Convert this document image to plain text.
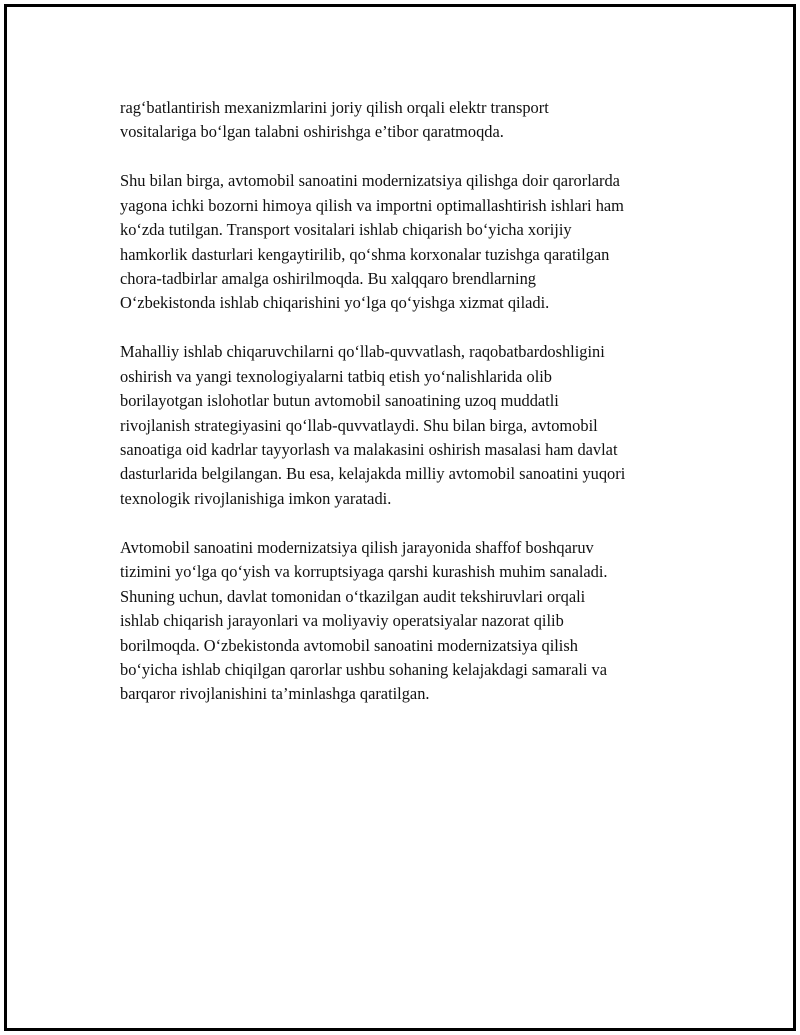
rag‘batlantirish mexanizmlarini joriy qilish orqali elektr transport
vositalariga bo‘lgan talabni oshirishga e’tibor qaratmoqda.

Shu bilan birga, avtomobil sanoatini modernizatsiya qilishga doir qarorlarda
yagona ichki bozorni himoya qilish va importni optimallashtirish ishlari ham
ko‘zda tutilgan. Transport vositalari ishlab chiqarish bo‘yicha xorijiy
hamkorlik dasturlari kengaytirilib, qo‘shma korxonalar tuzishga qaratilgan
chora-tadbirlar amalga oshirilmoqda. Bu xalqqaro brendlarning
O‘zbekistonda ishlab chiqarishini yo‘lga qo‘yishga xizmat qiladi.

Mahalliy ishlab chiqaruvchilarni qo‘llab-quvvatlash, raqobatbardoshligini
oshirish va yangi texnologiyalarni tatbiq etish yo‘nalishlarida olib
borilayotgan islohotlar butun avtomobil sanoatining uzoq muddatli
rivojlanish strategiyasini qo‘llab-quvvatlaydi. Shu bilan birga, avtomobil
sanoatiga oid kadrlar tayyorlash va malakasini oshirish masalasi ham davlat
dasturlarida belgilangan. Bu esa, kelajakda milliy avtomobil sanoatini yuqori
texnologik rivojlanishiga imkon yaratadi.

Avtomobil sanoatini modernizatsiya qilish jarayonida shaffof boshqaruv
tizimini yo‘lga qo‘yish va korruptsiyaga qarshi kurashish muhim sanaladi.
Shuning uchun, davlat tomonidan o‘tkazilgan audit tekshiruvlari orqali
ishlab chiqarish jarayonlari va moliyaviy operatsiyalar nazorat qilib
borilmoqda. O‘zbekistonda avtomobil sanoatini modernizatsiya qilish
bo‘yicha ishlab chiqilgan qarorlar ushbu sohaning kelajakdagi samarali va
barqaror rivojlanishini ta’minlashga qaratilgan.
